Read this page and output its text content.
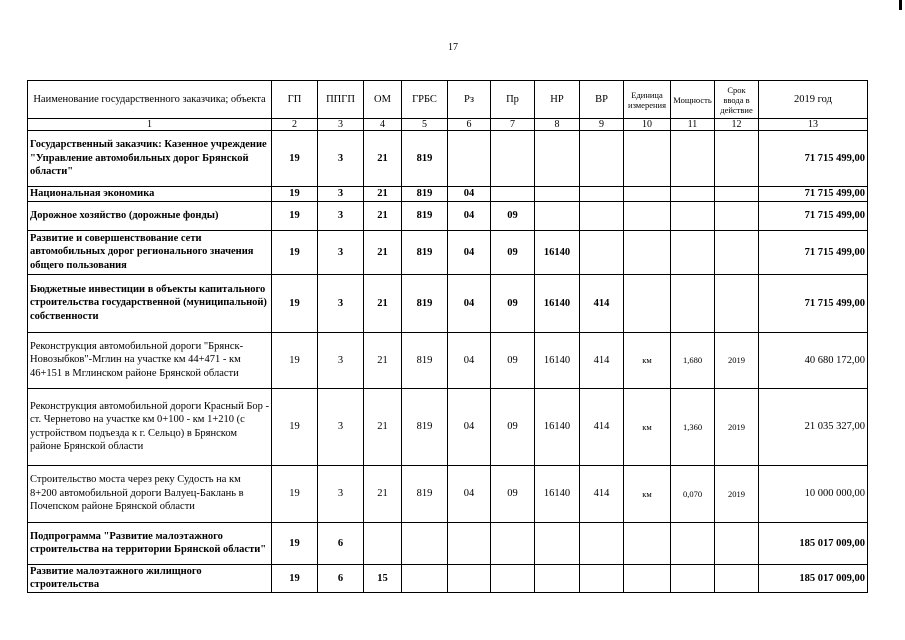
17
Наименование государственного заказчика; объекта	ГП	ППГП	ОМ	ГРБС	Рз	Пр	НР	ВР	Единица измерения	Мощность	Срок ввода в действие	2019 год
1	2	3	4	5	6	7	8	9	10	11	12	13
Государственный заказчик: Казенное учреждение "Управление автомобильных дорог Брянской области"	19	3	21	819								71 715 499,00
Национальная экономика	19	3	21	819	04							71 715 499,00
Дорожное хозяйство (дорожные фонды)	19	3	21	819	04	09						71 715 499,00
Развитие и совершенствование сети автомобильных дорог регионального значения общего пользования	19	3	21	819	04	09	16140					71 715 499,00
Бюджетные инвестиции в объекты капитального строительства государственной (муниципальной) собственности	19	3	21	819	04	09	16140	414				71 715 499,00
Реконструкция автомобильной дороги "Брянск-Новозыбков"-Мглин на участке км 44+471 - км 46+151 в Мглинском районе Брянской области	19	3	21	819	04	09	16140	414	км	1,680	2019	40 680 172,00
Реконструкция автомобильной дороги Красный Бор - ст. Чернетово на участке км 0+100 - км 1+210 (с устройством подъезда к г. Сельцо) в Брянском районе Брянской области	19	3	21	819	04	09	16140	414	км	1,360	2019	21 035 327,00
Строительство моста через реку Судость на км 8+200 автомобильной дороги Валуец-Баклань в Почепском районе Брянской области	19	3	21	819	04	09	16140	414	км	0,070	2019	10 000 000,00
Подпрограмма "Развитие малоэтажного строительства на территории Брянской области"	19	6										185 017 009,00
Развитие малоэтажного жилищного строительства	19	6	15									185 017 009,00
